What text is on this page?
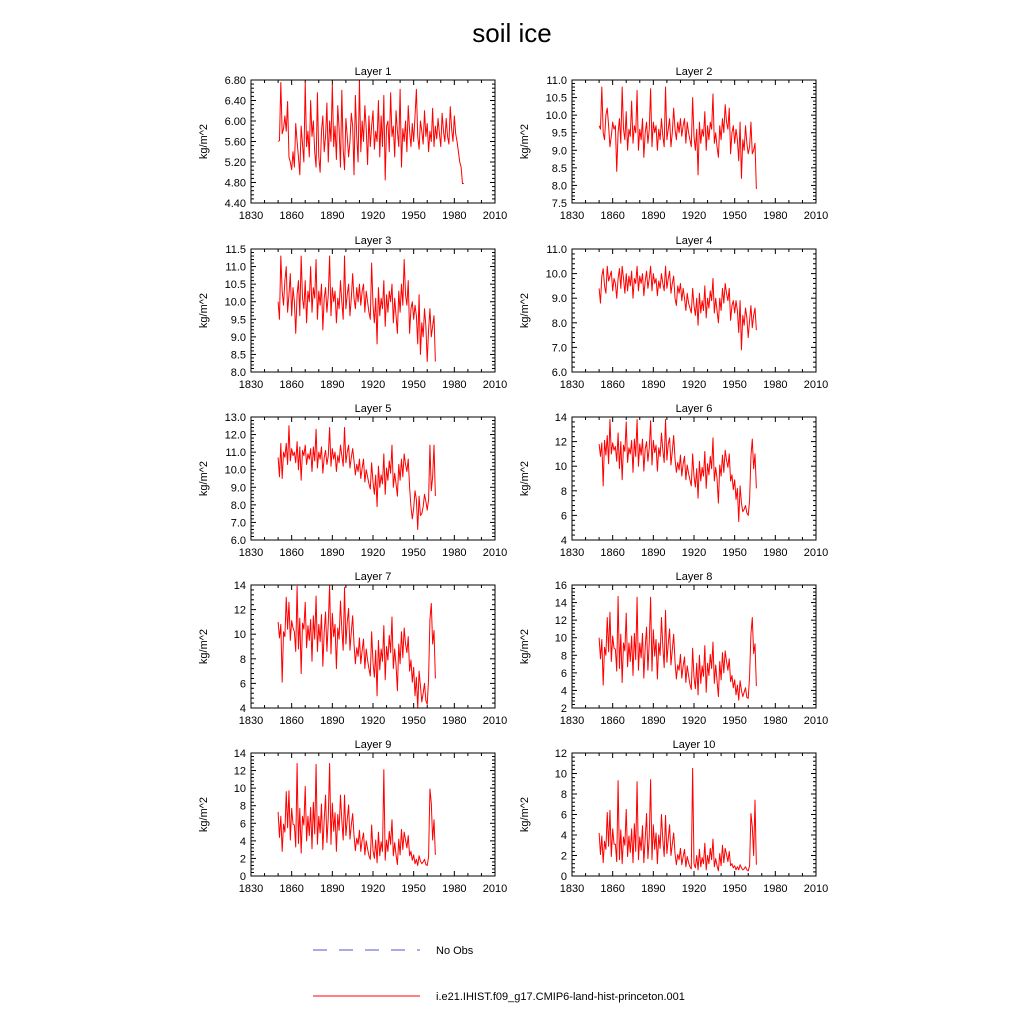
soil ice
Layer 1
kg/m^2
1830 1860 1890 1920 1950 1980 2010
4.40
4.80
5.20
5.60
6.00
6.40
6.80
Layer 2
kg/m^2
1830 1860 1890 1920 1950 1980 2010
7.5
8.0
8.5
9.0
9.5
10.0
10.5
11.0
Layer 3
kg/m^2
1830 1860 1890 1920 1950 1980 2010
8.0
8.5
9.0
9.5
10.0
10.5
11.0
11.5
Layer 4
kg/m^2
1830 1860 1890 1920 1950 1980 2010
6.0
7.0
8.0
9.0
10.0
11.0
Layer 5
kg/m^2
1830 1860 1890 1920 1950 1980 2010
6.0
7.0
8.0
9.0
10.0
11.0
12.0
13.0
Layer 6
kg/m^2
1830 1860 1890 1920 1950 1980 2010
4
6
8
10
12
14
Layer 7
kg/m^2
1830 1860 1890 1920 1950 1980 2010
4
6
8
10
12
14
Layer 8
kg/m^2
1830 1860 1890 1920 1950 1980 2010
2
4
6
8
10
12
14
16
Layer 9
kg/m^2
1830 1860 1890 1920 1950 1980 2010
0
2
4
6
8
10
12
14
Layer 10
kg/m^2
1830 1860 1890 1920 1950 1980 2010
0
2
4
6
8
10
12
No Obs
i.e21.IHIST.f09_g17.CMIP6-land-hist-princeton.001
